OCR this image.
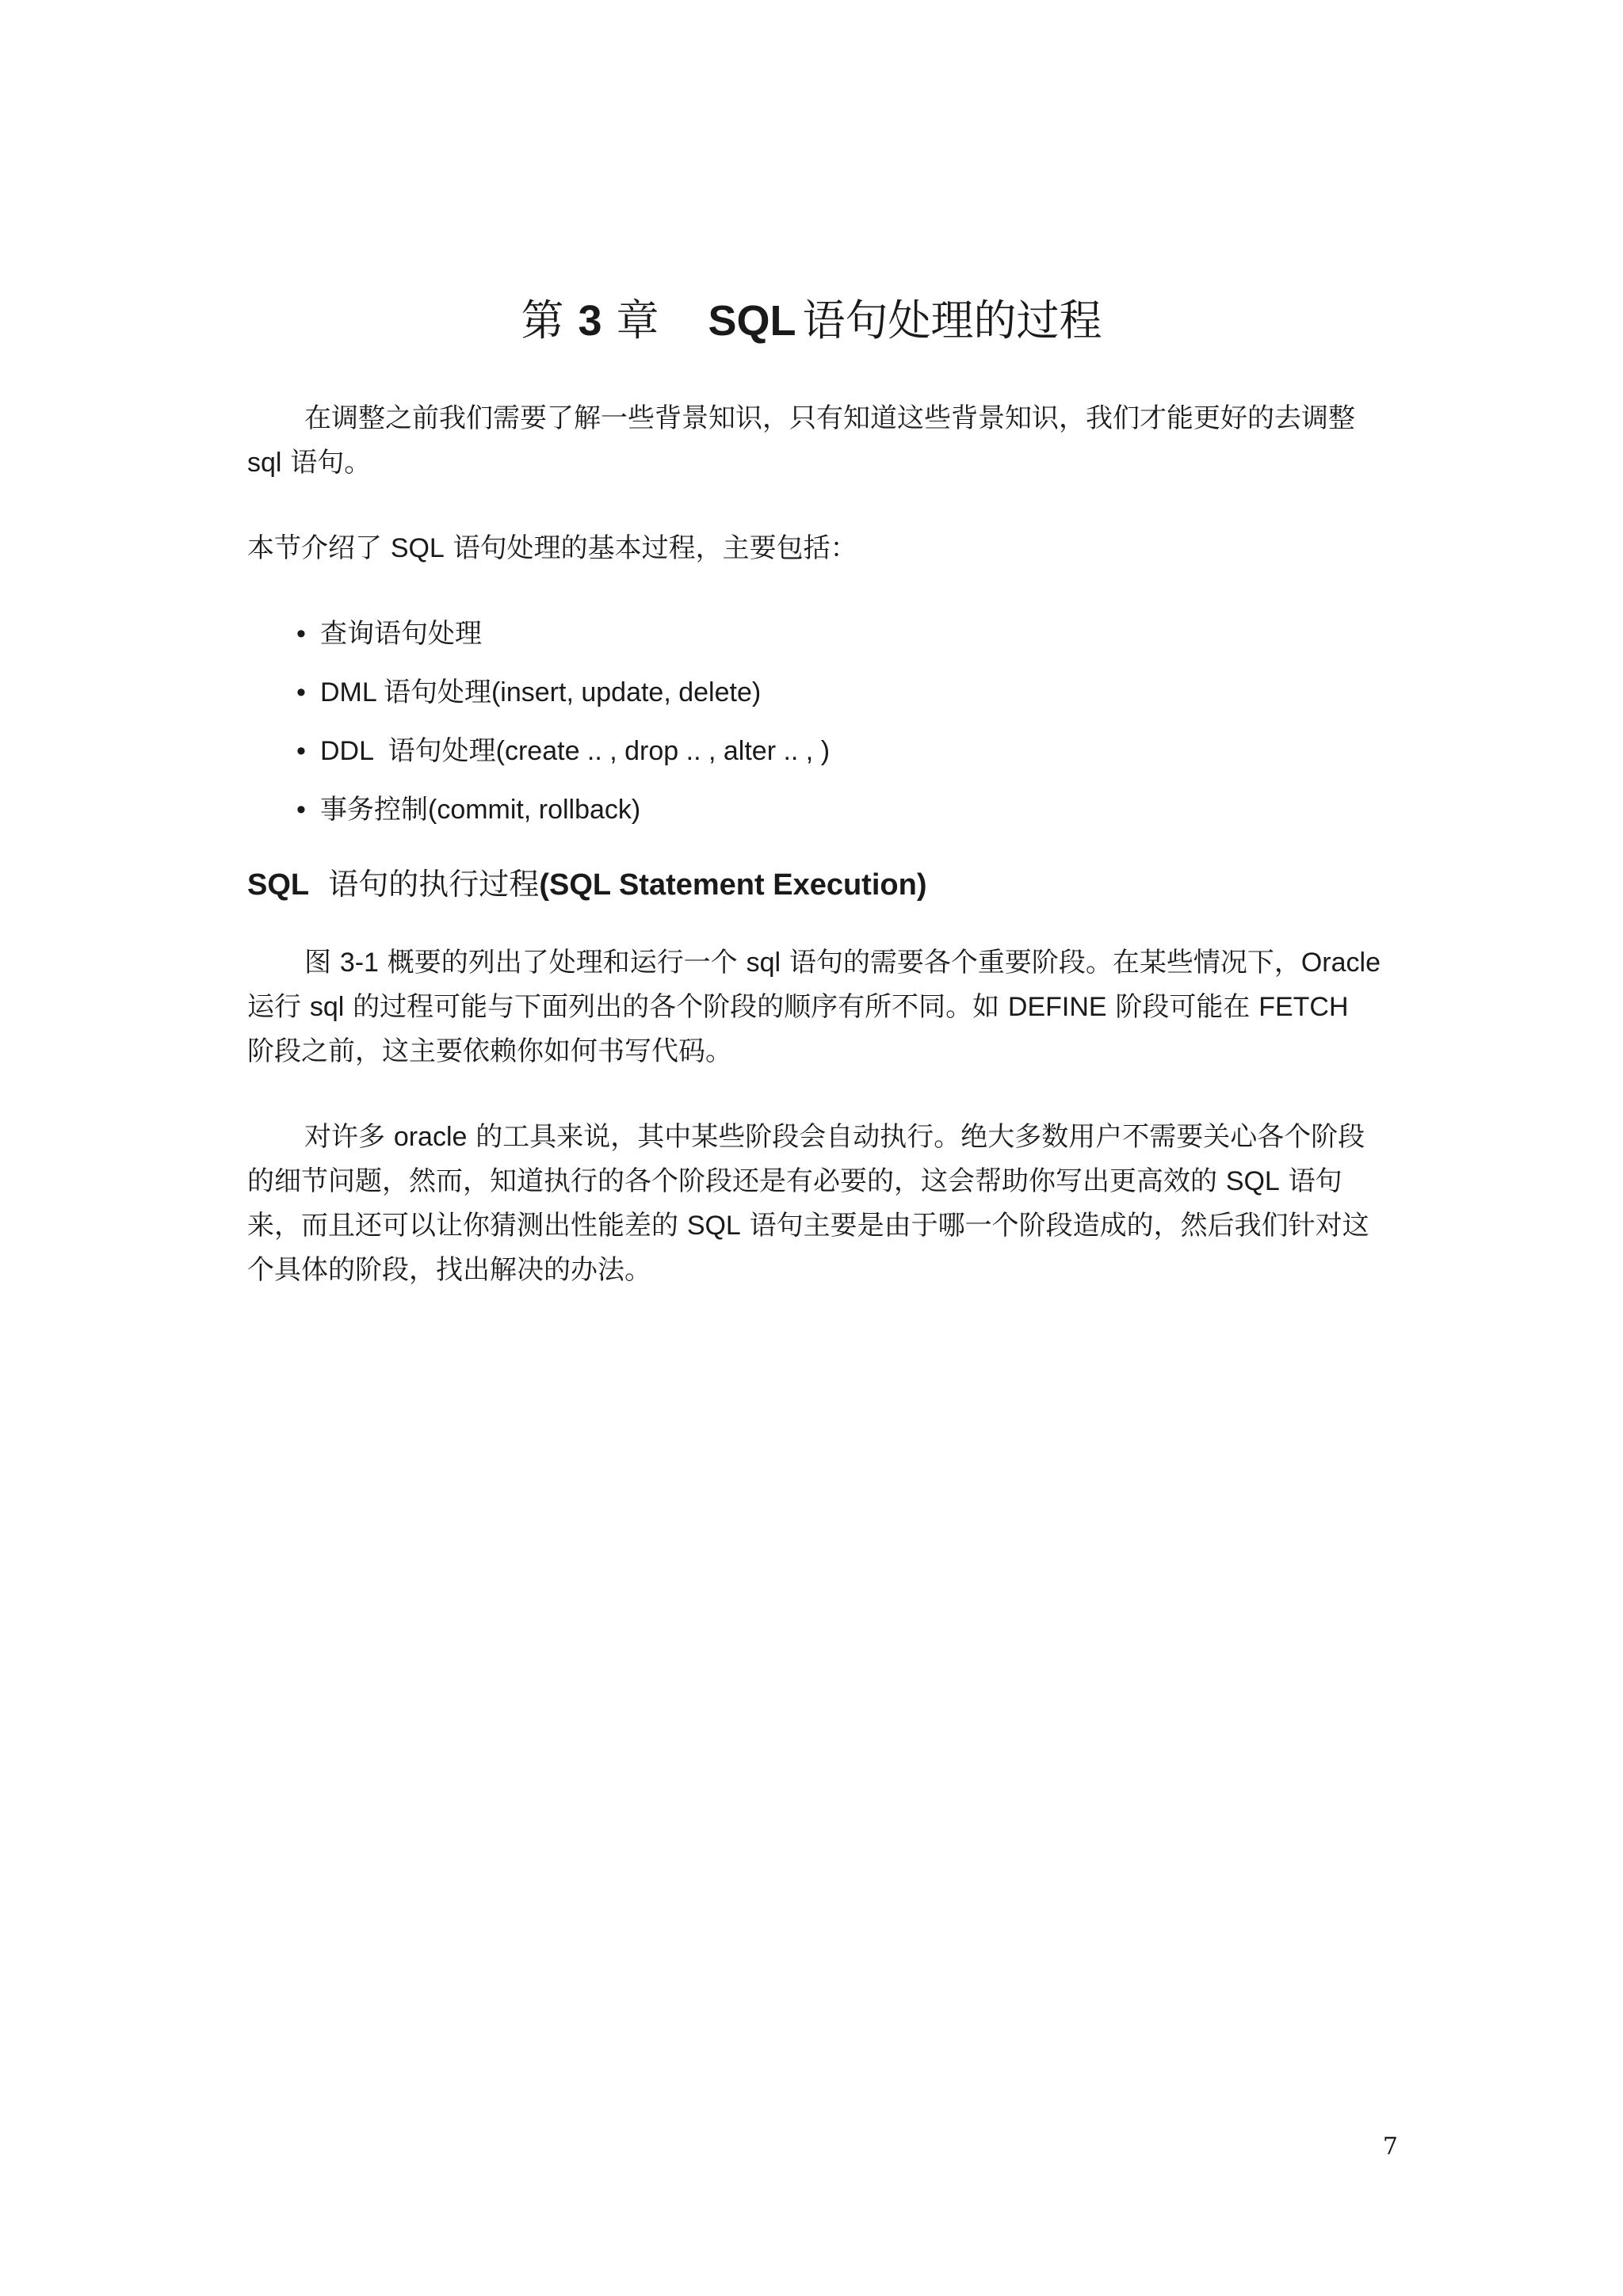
第 3 章 SQL 语句处理的过程

在调整之前我们需要了解一些背景知识，只有知道这些背景知识，我们才能更好的去调整 sql 语句。

本节介绍了 SQL 语句处理的基本过程，主要包括：

• 查询语句处理
• DML 语句处理(insert, update, delete)
• DDL  语句处理(create .. , drop .. , alter .. , )
• 事务控制(commit, rollback)
SQL 语句的执行过程(SQL Statement Execution)

图 3-1 概要的列出了处理和运行一个 sql 语句的需要各个重要阶段。在某些情况下，Oracle 运行 sql 的过程可能与下面列出的各个阶段的顺序有所不同。如 DEFINE 阶段可能在 FETCH 阶段之前，这主要依赖你如何书写代码。

对许多 oracle 的工具来说，其中某些阶段会自动执行。绝大多数用户不需要关心各个阶段的细节问题，然而，知道执行的各个阶段还是有必要的，这会帮助你写出更高效的 SQL 语句来，而且还可以让你猜测出性能差的 SQL 语句主要是由于哪一个阶段造成的，然后我们针对这个具体的阶段，找出解决的办法。

7
